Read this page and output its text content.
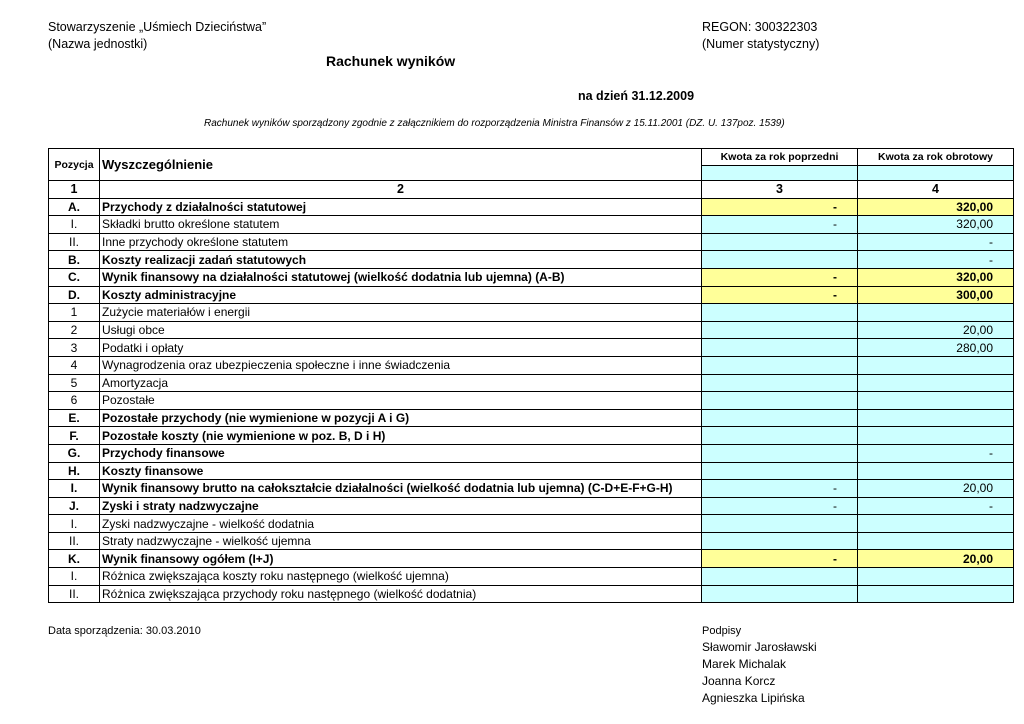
Stowarzyszenie „Uśmiech Dzieciństwa”
(Nazwa jednostki)
REGON: 300322303
(Numer statystyczny)
Rachunek wyników
na dzień 31.12.2009
Rachunek wyników sporządzony zgodnie z załącznikiem do rozporządzenia Ministra Finansów z 15.11.2001 (DZ. U. 137poz. 1539)
Pozycja	Wyszczególnienie	Kwota za rok poprzedni	Kwota za rok obrotowy

1	2	3	4
A.	Przychody z działalności statutowej	-	320,00
I.	Składki brutto określone statutem	-	320,00
II.	Inne przychody określone statutem		-
B.	Koszty realizacji zadań statutowych		-
C.	Wynik finansowy na działalności statutowej (wielkość dodatnia lub ujemna) (A-B)	-	320,00
D.	Koszty administracyjne	-	300,00
1	Zużycie materiałów i energii		
2	Usługi obce		20,00
3	Podatki i opłaty		280,00
4	Wynagrodzenia oraz ubezpieczenia społeczne i inne świadczenia		
5	Amortyzacja		
6	Pozostałe		
E.	Pozostałe przychody (nie wymienione w pozycji A i G)		
F.	Pozostałe koszty (nie wymienione w poz. B, D i H)		
G.	Przychody finansowe		-
H.	Koszty finansowe		
I.	Wynik finansowy brutto na całokształcie działalności (wielkość dodatnia lub ujemna) (C-D+E-F+G-H)	-	20,00
J.	Zyski i straty nadzwyczajne	-	-
I.	Zyski nadzwyczajne - wielkość dodatnia		
II.	Straty nadzwyczajne - wielkość ujemna		
K.	Wynik finansowy ogółem (I+J)	-	20,00
I.	Różnica zwiększająca koszty roku następnego (wielkość ujemna)		
II.	Różnica zwiększająca przychody roku następnego (wielkość dodatnia)		
Data sporządzenia: 30.03.2010	Podpisy
Sławomir Jarosławski
Marek Michalak
Joanna Korcz
Agnieszka Lipińska
